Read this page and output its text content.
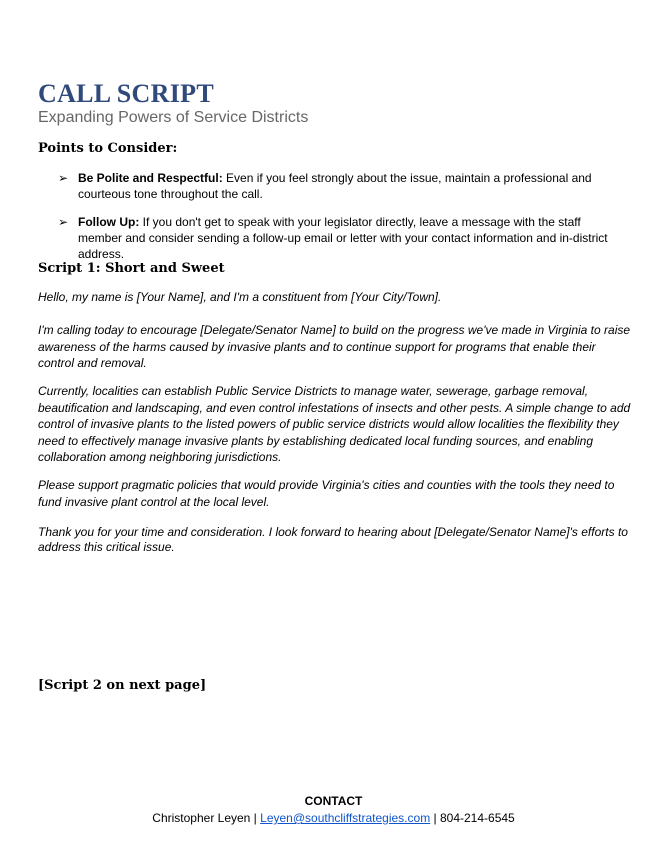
CALL SCRIPT
Expanding Powers of Service Districts
Points to Consider:
➢ Be Polite and Respectful: Even if you feel strongly about the issue, maintain a professional and courteous tone throughout the call.
➢ Follow Up: If you don't get to speak with your legislator directly, leave a message with the staff member and consider sending a follow-up email or letter with your contact information and in-district address.
Script 1: Short and Sweet
Hello, my name is [Your Name], and I'm a constituent from [Your City/Town].
I'm calling today to encourage [Delegate/Senator Name] to build on the progress we've made in Virginia to raise awareness of the harms caused by invasive plants and to continue support for programs that enable their control and removal.
Currently, localities can establish Public Service Districts to manage water, sewerage, garbage removal, beautification and landscaping, and even control infestations of insects and other pests. A simple change to add control of invasive plants to the listed powers of public service districts would allow localities the flexibility they need to effectively manage invasive plants by establishing dedicated local funding sources, and enabling collaboration among neighboring jurisdictions.
Please support pragmatic policies that would provide Virginia's cities and counties with the tools they need to fund invasive plant control at the local level.
Thank you for your time and consideration. I look forward to hearing about [Delegate/Senator Name]'s efforts to address this critical issue.
[Script 2 on next page]
CONTACT
Christopher Leyen | Leyen@southcliffstrategies.com | 804-214-6545
